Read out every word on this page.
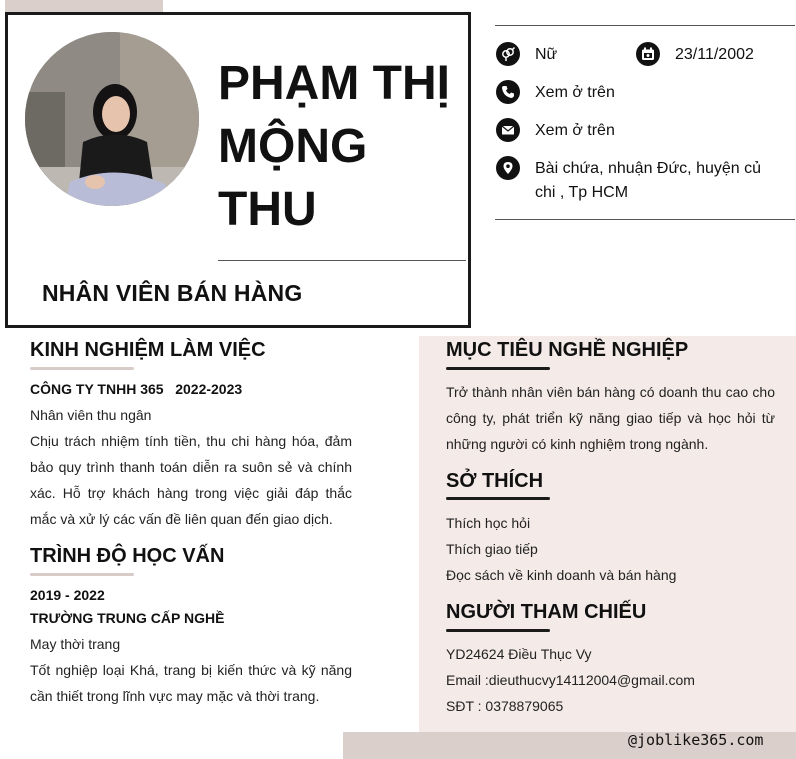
PHẠM THỊ MỘNG THU
NHÂN VIÊN BÁN HÀNG
Nữ	23/11/2002
Xem ở trên
Xem ở trên
Bài chứa, nhuận Đức, huyện củ chi , Tp HCM
KINH NGHIỆM LÀM VIỆC
CÔNG TY TNHH 365   2022-2023
Nhân viên thu ngân
Chịu trách nhiệm tính tiền, thu chi hàng hóa, đảm bảo quy trình thanh toán diễn ra suôn sẻ và chính xác. Hỗ trợ khách hàng trong việc giải đáp thắc mắc và xử lý các vấn đề liên quan đến giao dịch.
TRÌNH ĐỘ HỌC VẤN
2019 - 2022
TRƯỜNG TRUNG CẤP NGHỀ
May thời trang
Tốt nghiệp loại Khá, trang bị kiến thức và kỹ năng cần thiết trong lĩnh vực may mặc và thời trang.
MỤC TIÊU NGHỀ NGHIỆP
Trở thành nhân viên bán hàng có doanh thu cao cho công ty, phát triển kỹ năng giao tiếp và học hỏi từ những người có kinh nghiệm trong ngành.
SỞ THÍCH
Thích học hỏi
Thích giao tiếp
Đọc sách về kinh doanh và bán hàng
NGƯỜI THAM CHIẾU
YD24624 Điều Thục Vy
Email :dieuthucvy14112004@gmail.com
SĐT : 0378879065
@joblike365.com
